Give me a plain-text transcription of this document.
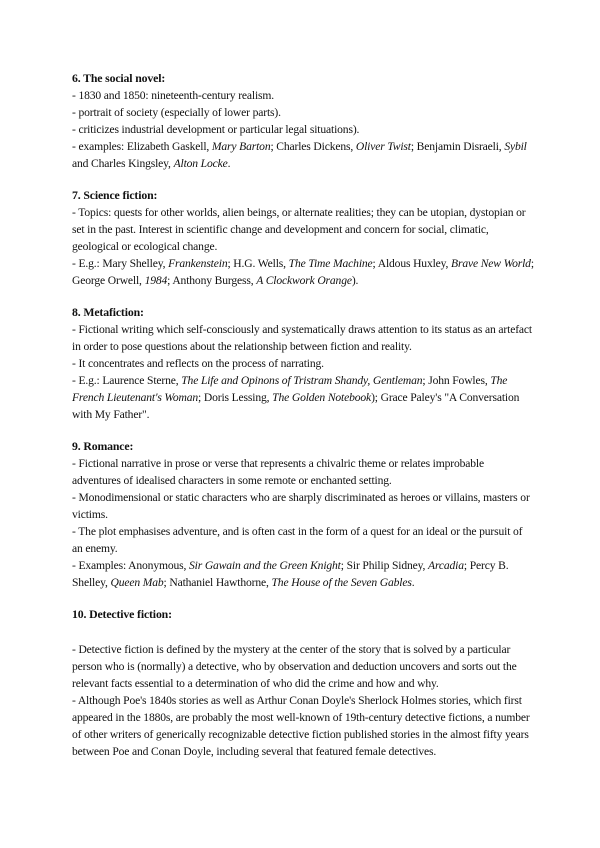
6. The social novel:

- 1830 and 1850: nineteenth-century realism.

- portrait of society (especially of lower parts).

- criticizes industrial development or particular legal situations).

- examples: Elizabeth Gaskell, Mary Barton; Charles Dickens, Oliver Twist; Benjamin Disraeli, Sybil and Charles Kingsley, Alton Locke.

7. Science fiction:

- Topics: quests for other worlds, alien beings, or alternate realities; they can be utopian, dystopian or set in the past. Interest in scientific change and development and concern for social, climatic, geological or ecological change.

- E.g.: Mary Shelley, Frankenstein; H.G. Wells, The Time Machine; Aldous Huxley, Brave New World; George Orwell, 1984; Anthony Burgess, A Clockwork Orange).

8. Metafiction:

- Fictional writing which self-consciously and systematically draws attention to its status as an artefact in order to pose questions about the relationship between fiction and reality.

- It concentrates and reflects on the process of narrating.

- E.g.: Laurence Sterne, The Life and Opinons of Tristram Shandy, Gentleman; John Fowles, The French Lieutenant's Woman; Doris Lessing, The Golden Notebook); Grace Paley's "A Conversation with My Father".

9. Romance:

- Fictional narrative in prose or verse that represents a chivalric theme or relates improbable adventures of idealised characters in some remote or enchanted setting.

- Monodimensional or static characters who are sharply discriminated as heroes or villains, masters or victims.

- The plot emphasises adventure, and is often cast in the form of a quest for an ideal or the pursuit of an enemy.

- Examples: Anonymous, Sir Gawain and the Green Knight; Sir Philip Sidney, Arcadia; Percy B. Shelley, Queen Mab; Nathaniel Hawthorne, The House of the Seven Gables.

10. Detective fiction:

- Detective fiction is defined by the mystery at the center of the story that is solved by a particular person who is (normally) a detective, who by observation and deduction uncovers and sorts out the relevant facts essential to a determination of who did the crime and how and why.

- Although Poe's 1840s stories as well as Arthur Conan Doyle's Sherlock Holmes stories, which first appeared in the 1880s, are probably the most well-known of 19th-century detective fictions, a number of other writers of generically recognizable detective fiction published stories in the almost fifty years between Poe and Conan Doyle, including several that featured female detectives.
